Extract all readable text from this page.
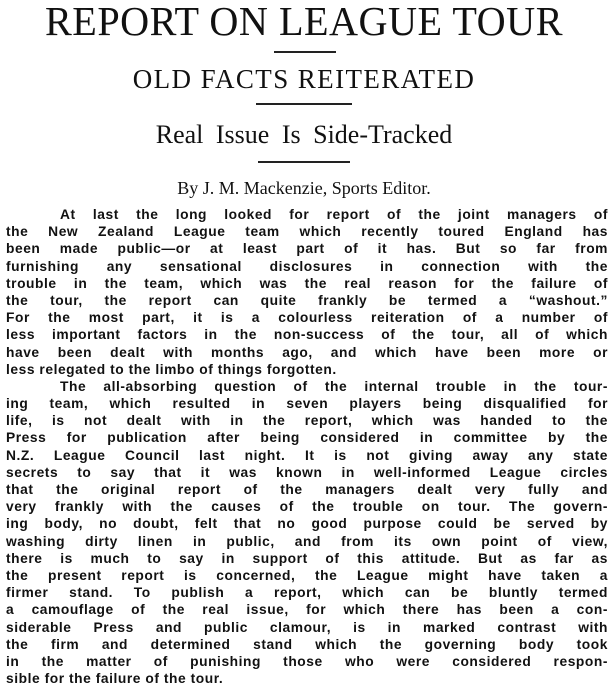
REPORT ON LEAGUE TOUR
OLD FACTS REITERATED
Real Issue Is Side-Tracked

By J. M. Mackenzie, Sports Editor.

At last the long looked for report of the joint managers of
the New Zealand League team which recently toured England has
been made public—or at least part of it has. But so far from
furnishing any sensational disclosures in connection with the
trouble in the team, which was the real reason for the failure of
the tour, the report can quite frankly be termed a “washout.”
For the most part, it is a colourless reiteration of a number of
less important factors in the non-success of the tour, all of which
have been dealt with months ago, and which have been more or
less relegated to the limbo of things forgotten.
The all-absorbing question of the internal trouble in the tour-
ing team, which resulted in seven players being disqualified for
life, is not dealt with in the report, which was handed to the
Press for publication after being considered in committee by the
N.Z. League Council last night. It is not giving away any state
secrets to say that it was known in well-informed League circles
that the original report of the managers dealt very fully and
very frankly with the causes of the trouble on tour. The govern-
ing body, no doubt, felt that no good purpose could be served by
washing dirty linen in public, and from its own point of view,
there is much to say in support of this attitude. But as far as
the present report is concerned, the League might have taken a
firmer stand. To publish a report, which can be bluntly termed
a camouflage of the real issue, for which there has been a con-
siderable Press and public clamour, is in marked contrast with
the firm and determined stand which the governing body took
in the matter of punishing those who were considered respon-
sible for the failure of the tour.
